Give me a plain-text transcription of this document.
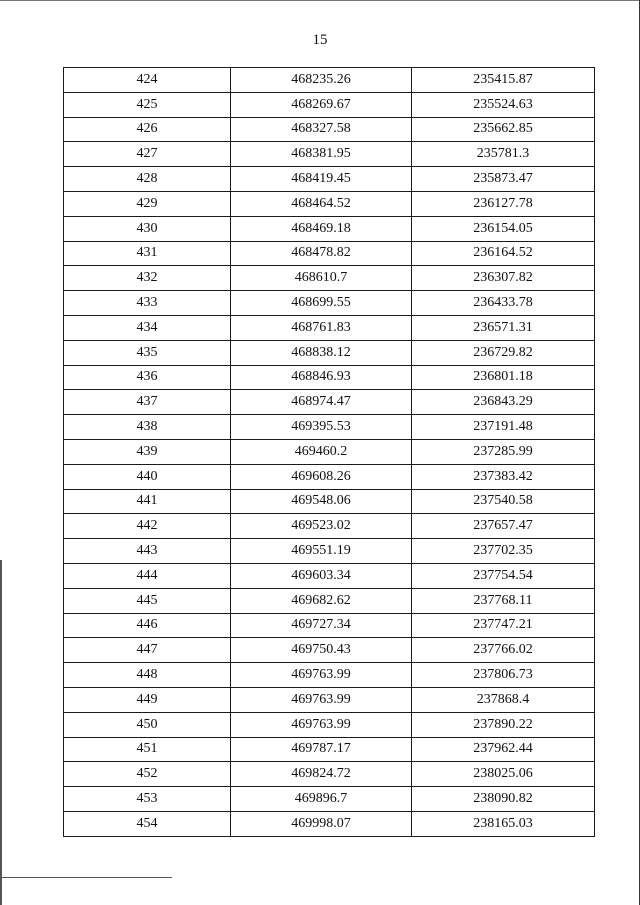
15
424	468235.26	235415.87
425	468269.67	235524.63
426	468327.58	235662.85
427	468381.95	235781.3
428	468419.45	235873.47
429	468464.52	236127.78
430	468469.18	236154.05
431	468478.82	236164.52
432	468610.7	236307.82
433	468699.55	236433.78
434	468761.83	236571.31
435	468838.12	236729.82
436	468846.93	236801.18
437	468974.47	236843.29
438	469395.53	237191.48
439	469460.2	237285.99
440	469608.26	237383.42
441	469548.06	237540.58
442	469523.02	237657.47
443	469551.19	237702.35
444	469603.34	237754.54
445	469682.62	237768.11
446	469727.34	237747.21
447	469750.43	237766.02
448	469763.99	237806.73
449	469763.99	237868.4
450	469763.99	237890.22
451	469787.17	237962.44
452	469824.72	238025.06
453	469896.7	238090.82
454	469998.07	238165.03
